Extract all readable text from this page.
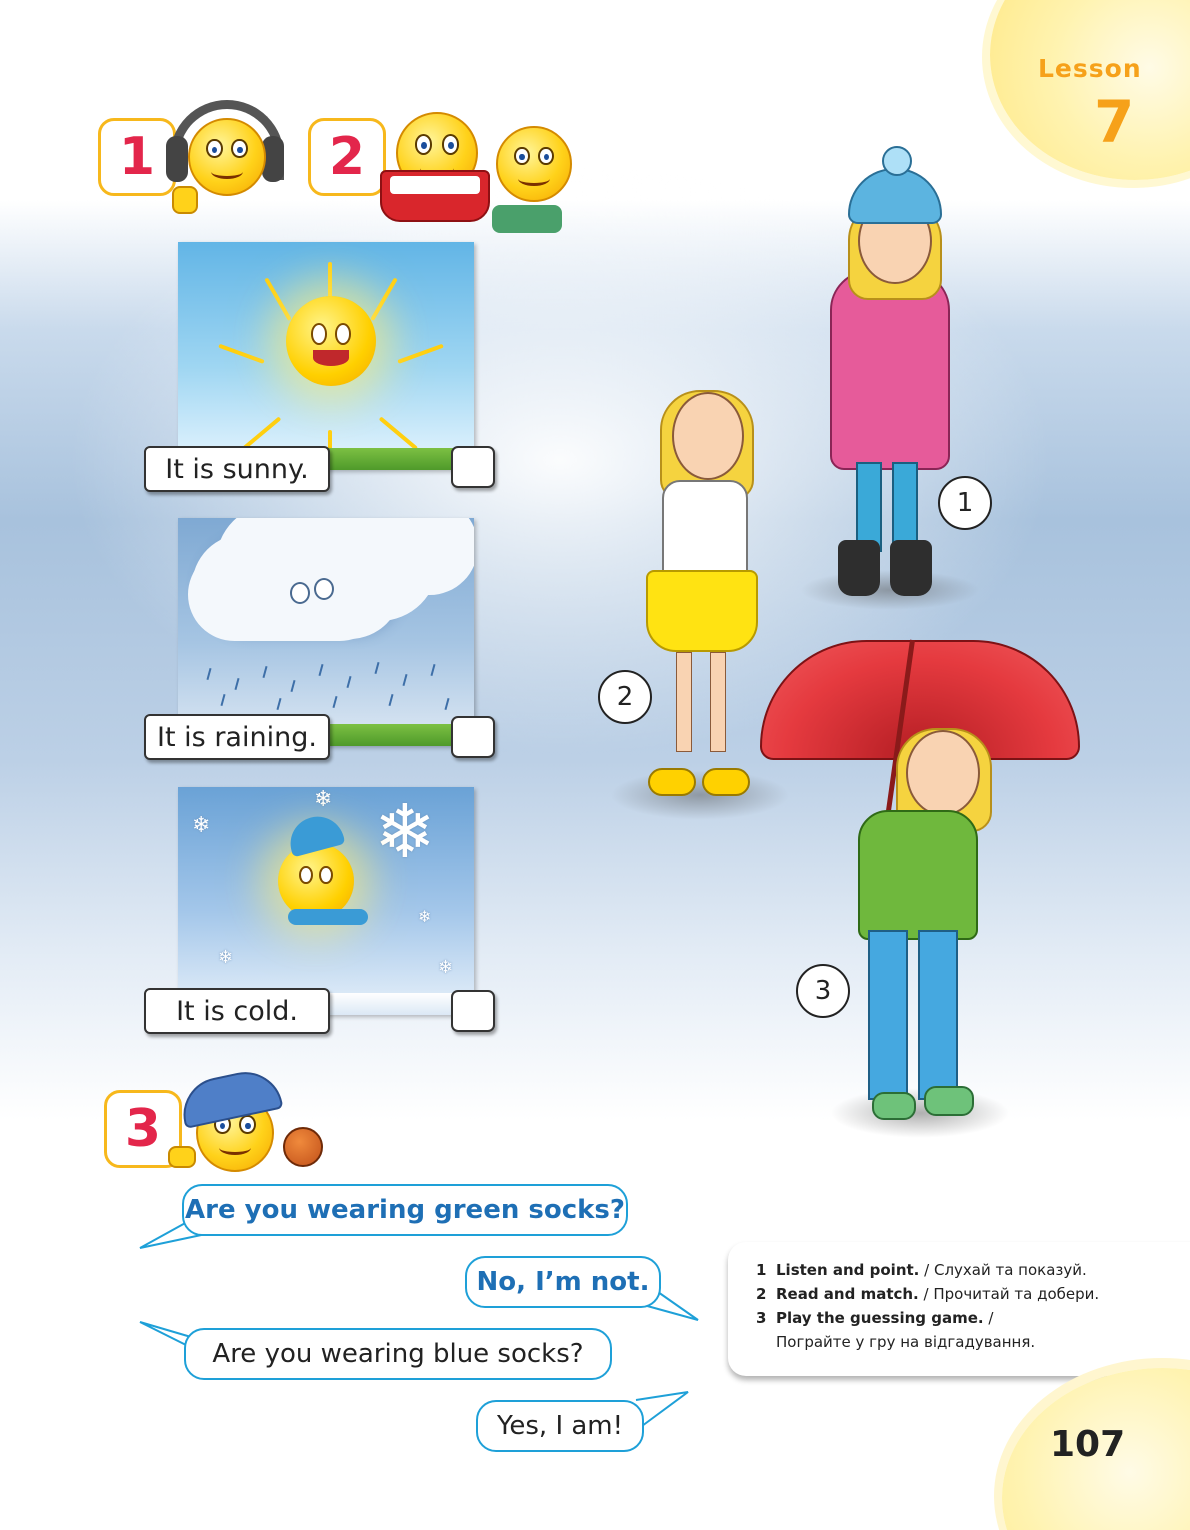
Lesson
7
1	2
It is sunny.
It is raining.
❄
❄
❄
❄
❄
❄
It is cold.
1
2
3
3
Are you wearing green socks?
No, I’m not.
Are you wearing blue socks?
Yes, I am!
1 Listen and point. / Слухай та показуй.
2 Read and match. / Прочитай та добери.
3 Play the guessing game. /
Пограйте у гру на відгадування.
107
